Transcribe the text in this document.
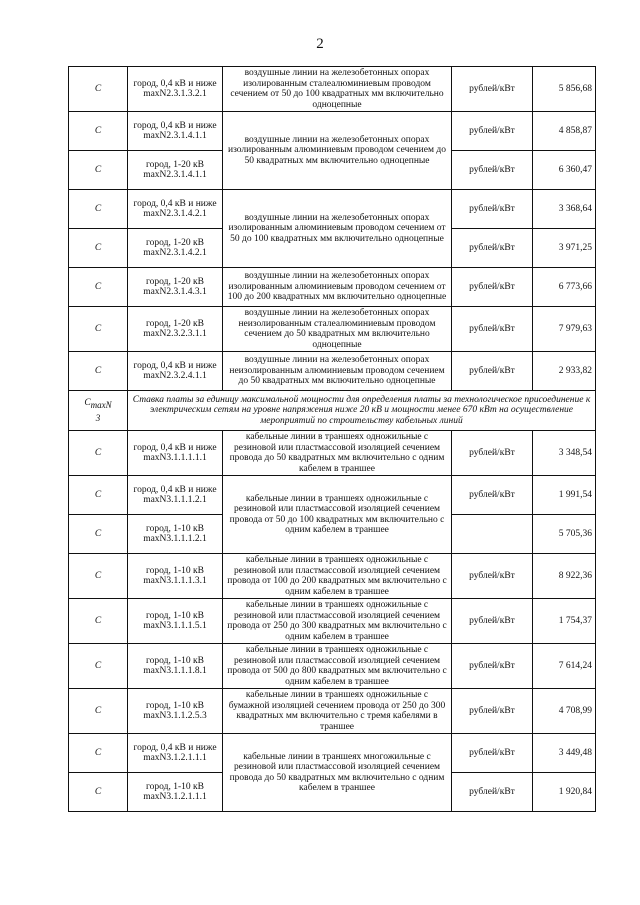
2
C	город, 0,4 кВ и ниже maxN2.3.1.3.2.1	воздушные линии на железобетонных опорах изолированным сталеалюминиевым проводом сечением от 50 до 100 квадратных мм включительно одноцепные	рублей/кВт	5 856,68
C	город, 0,4 кВ и ниже maxN2.3.1.4.1.1	воздушные линии на железобетонных опорах изолированным алюминиевым проводом сечением до 50 квадратных мм включительно одноцепные	рублей/кВт	4 858,87
C	город, 1-20 кВ maxN2.3.1.4.1.1		рублей/кВт	6 360,47
C	город, 0,4 кВ и ниже maxN2.3.1.4.2.1	воздушные линии на железобетонных опорах изолированным алюминиевым проводом сечением от 50 до 100 квадратных мм включительно одноцепные	рублей/кВт	3 368,64
C	город, 1-20 кВ maxN2.3.1.4.2.1		рублей/кВт	3 971,25
C	город, 1-20 кВ maxN2.3.1.4.3.1	воздушные линии на железобетонных опорах изолированным алюминиевым проводом сечением от 100 до 200 квадратных мм включительно одноцепные	рублей/кВт	6 773,66
C	город, 1-20 кВ maxN2.3.2.3.1.1	воздушные линии на железобетонных опорах неизолированным сталеалюминиевым проводом сечением до 50 квадратных мм включительно одноцепные	рублей/кВт	7 979,63
C	город, 0,4 кВ и ниже maxN2.3.2.4.1.1	воздушные линии на железобетонных опорах неизолированным алюминиевым проводом сечением до 50 квадратных мм включительно одноцепные	рублей/кВт	2 933,82
$C_{maxN}$
$_3$	Ставка платы за единицу максимальной мощности для определения платы за технологическое присоединение к электрическим сетям на уровне напряжения ниже 20 кВ и мощности менее 670 кВт на осуществление мероприятий по строительству кабельных линий			
C	город, 0,4 кВ и ниже maxN3.1.1.1.1.1	кабельные линии в траншеях одножильные с резиновой или пластмассовой изоляцией сечением провода до 50 квадратных мм включительно с одним кабелем в траншее	рублей/кВт	3 348,54
C	город, 0,4 кВ и ниже maxN3.1.1.1.2.1	кабельные линии в траншеях одножильные с резиновой или пластмассовой изоляцией сечением провода от 50 до 100 квадратных мм включительно с одним кабелем в траншее	рублей/кВт	1 991,54
C	город, 1-10 кВ maxN3.1.1.1.2.1			5 705,36
C	город, 1-10 кВ maxN3.1.1.1.3.1	кабельные линии в траншеях одножильные с резиновой или пластмассовой изоляцией сечением провода от 100 до 200 квадратных мм включительно с одним кабелем в траншее	рублей/кВт	8 922,36
C	город, 1-10 кВ maxN3.1.1.1.5.1	кабельные линии в траншеях одножильные с резиновой или пластмассовой изоляцией сечением провода от 250 до 300 квадратных мм включительно с одним кабелем в траншее	рублей/кВт	1 754,37
C	город, 1-10 кВ maxN3.1.1.1.8.1	кабельные линии в траншеях одножильные с резиновой или пластмассовой изоляцией сечением провода от 500 до 800 квадратных мм включительно с одним кабелем в траншее	рублей/кВт	7 614,24
C	город, 1-10 кВ maxN3.1.1.2.5.3	кабельные линии в траншеях одножильные с бумажной изоляцией сечением провода от 250 до 300 квадратных мм включительно с тремя кабелями в траншее	рублей/кВт	4 708,99
C	город, 0,4 кВ и ниже maxN3.1.2.1.1.1	кабельные линии в траншеях многожильные с резиновой или пластмассовой изоляцией сечением провода до 50 квадратных мм включительно с одним кабелем в траншее	рублей/кВт	3 449,48
C	город, 1-10 кВ maxN3.1.2.1.1.1		рублей/кВт	1 920,84
